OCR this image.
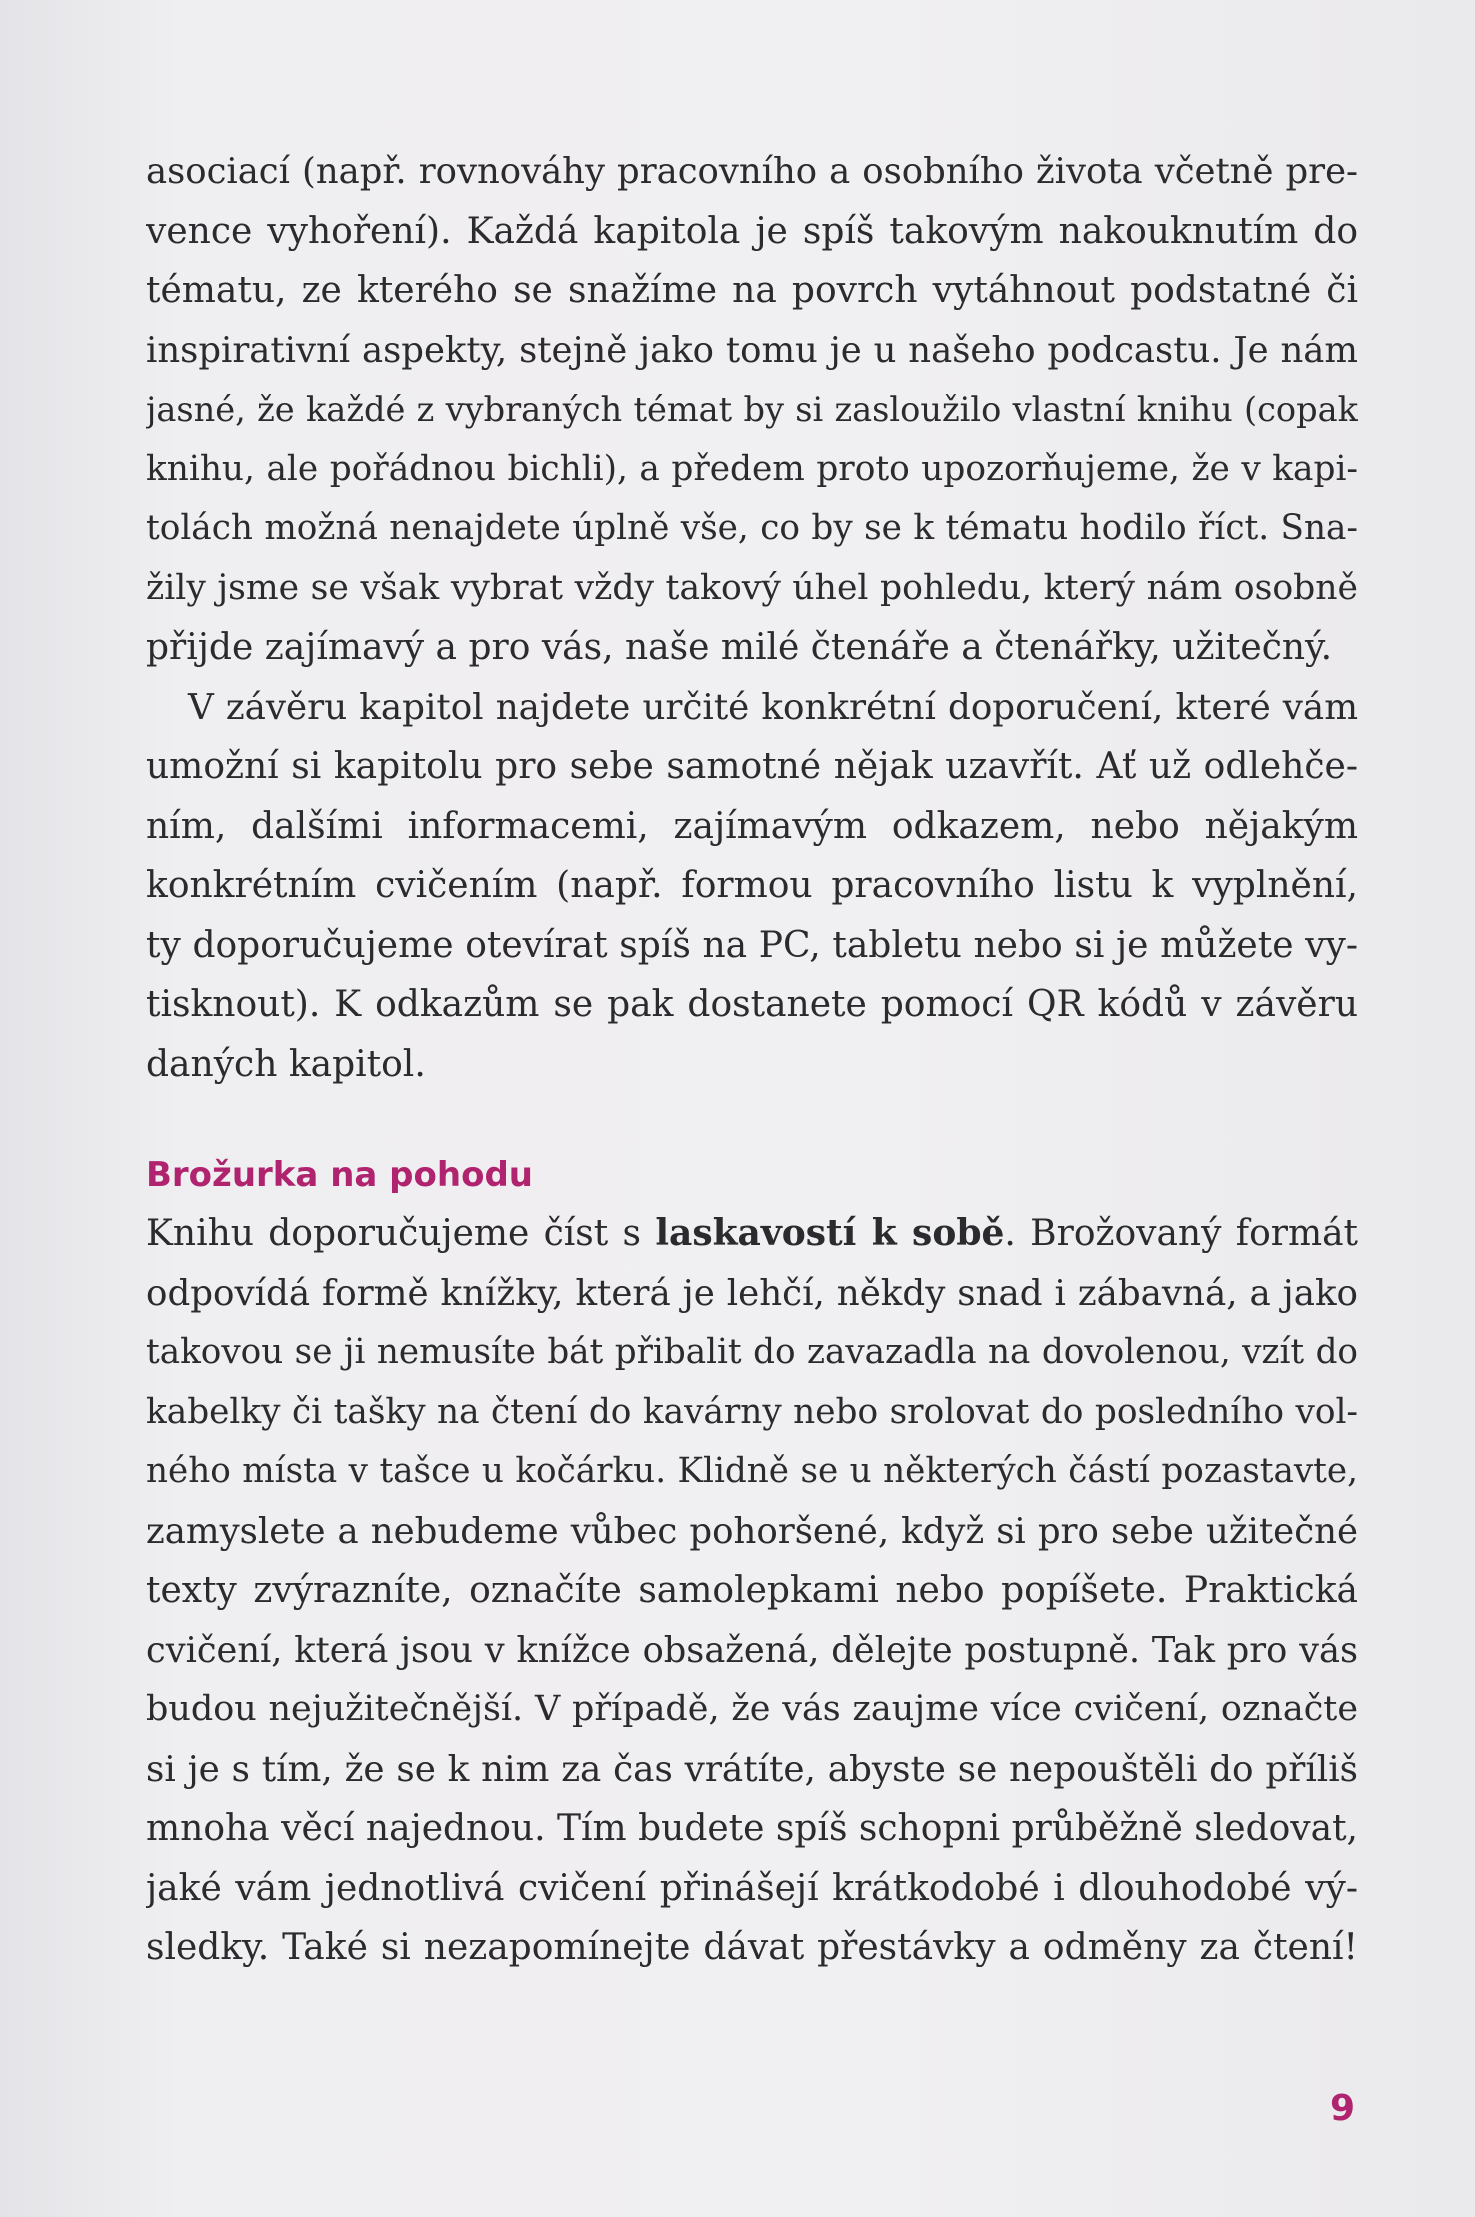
asociací (např. rovnováhy pracovního a osobního života včetně pre-
vence vyhoření). Každá kapitola je spíš takovým nakouknutím do
tématu, ze kterého se snažíme na povrch vytáhnout podstatné či
inspirativní aspekty, stejně jako tomu je u našeho podcastu. Je nám
jasné, že každé z vybraných témat by si zasloužilo vlastní knihu (copak
knihu, ale pořádnou bichli), a předem proto upozorňujeme, že v kapi-
tolách možná nenajdete úplně vše, co by se k tématu hodilo říct. Sna-
žily jsme se však vybrat vždy takový úhel pohledu, který nám osobně
přijde zajímavý a pro vás, naše milé čtenáře a čtenářky, užitečný.
V závěru kapitol najdete určité konkrétní doporučení, které vám
umožní si kapitolu pro sebe samotné nějak uzavřít. Ať už odlehče-
ním, dalšími informacemi, zajímavým odkazem, nebo nějakým
konkrétním cvičením (např. formou pracovního listu k vyplnění,
ty doporučujeme otevírat spíš na PC, tabletu nebo si je můžete vy-
tisknout). K odkazům se pak dostanete pomocí QR kódů v závěru
daných kapitol.
Brožurka na pohodu
Knihu doporučujeme číst s laskavostí k sobě. Brožovaný formát
odpovídá formě knížky, která je lehčí, někdy snad i zábavná, a jako
takovou se ji nemusíte bát přibalit do zavazadla na dovolenou, vzít do
kabelky či tašky na čtení do kavárny nebo srolovat do posledního vol-
ného místa v tašce u kočárku. Klidně se u některých částí pozastavte,
zamyslete a nebudeme vůbec pohoršené, když si pro sebe užitečné
texty zvýrazníte, označíte samolepkami nebo popíšete. Praktická
cvičení, která jsou v knížce obsažená, dělejte postupně. Tak pro vás
budou nejužitečnější. V případě, že vás zaujme více cvičení, označte
si je s tím, že se k nim za čas vrátíte, abyste se nepouštěli do příliš
mnoha věcí najednou. Tím budete spíš schopni průběžně sledovat,
jaké vám jednotlivá cvičení přinášejí krátkodobé i dlouhodobé vý-
sledky. Také si nezapomínejte dávat přestávky a odměny za čtení!
9
